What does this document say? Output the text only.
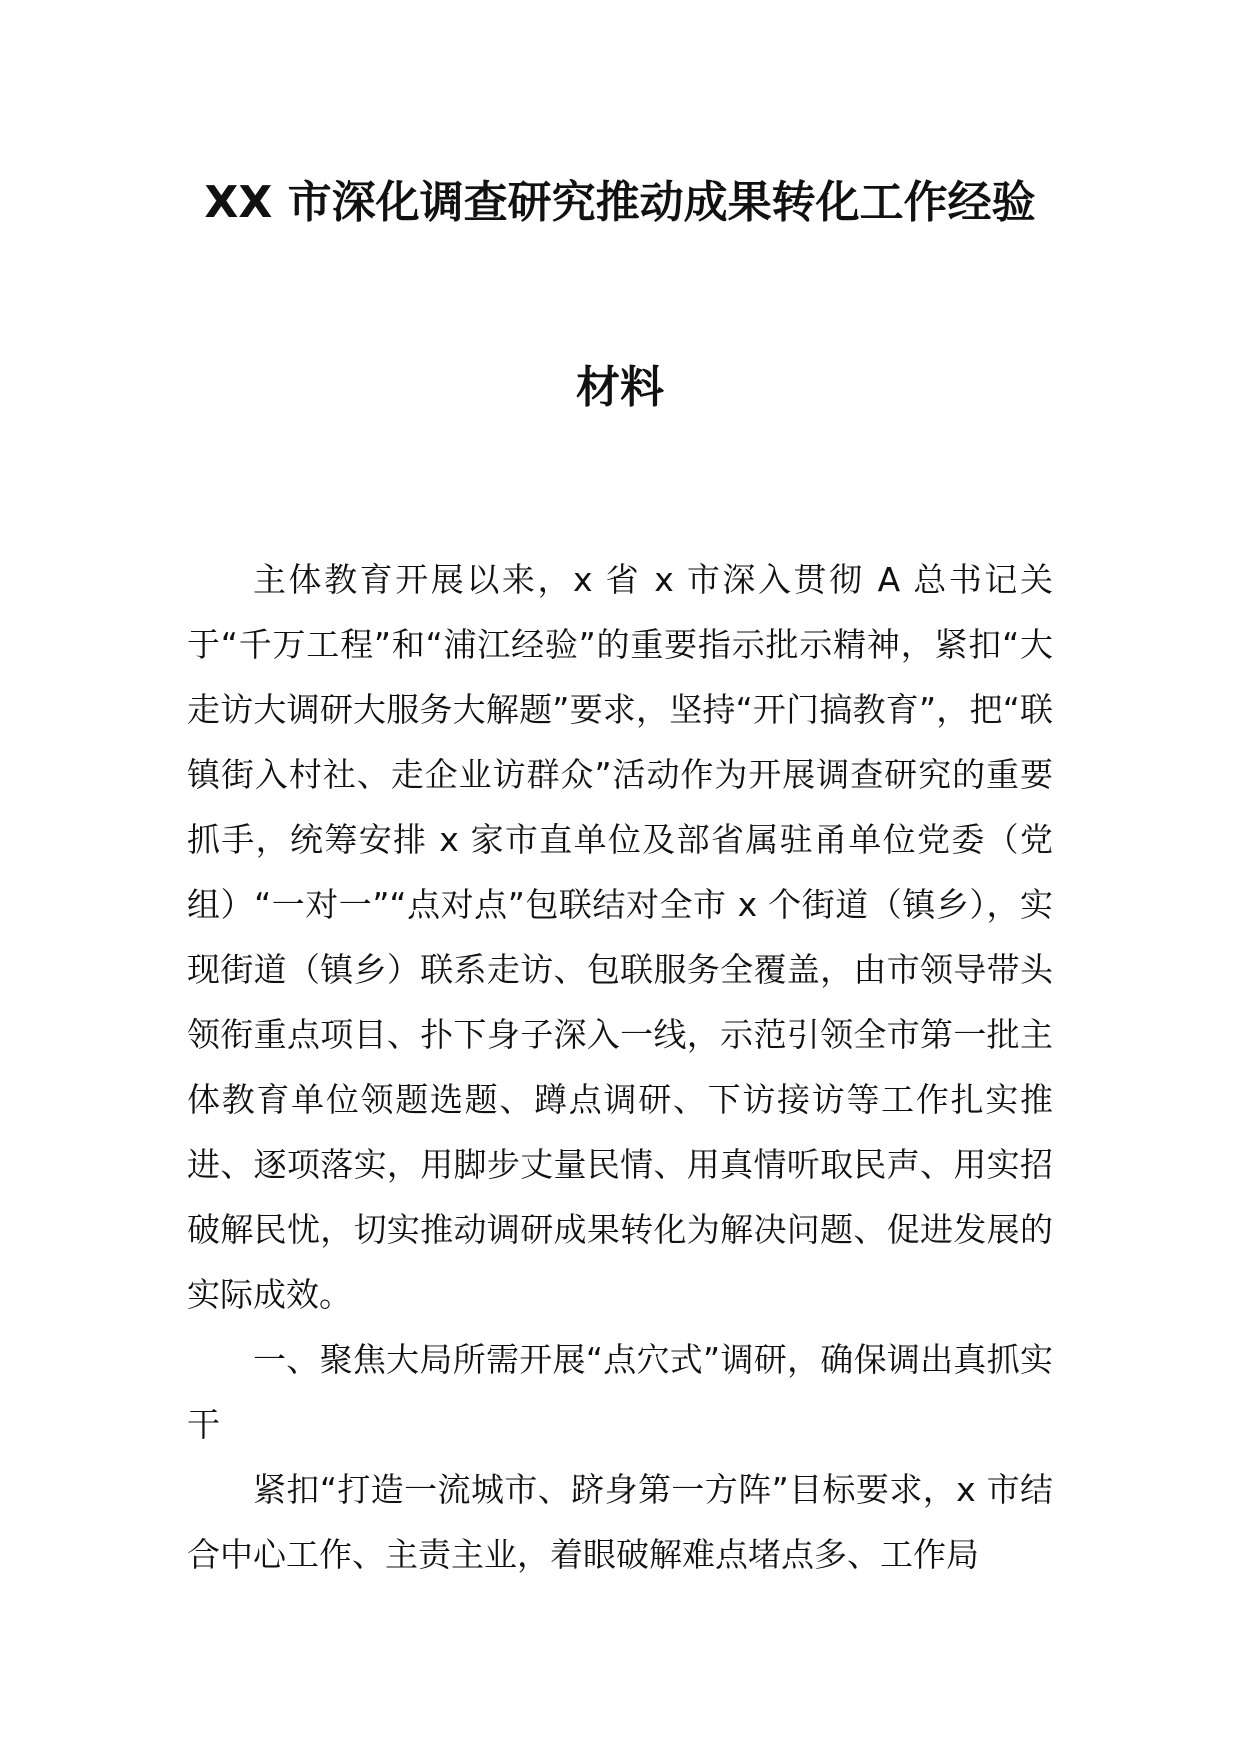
XX 市深化调查研究推动成果转化工作经验
材料

主体教育开展以来，x 省 x 市深入贯彻 A 总书记关于“千万工程”和“浦江经验”的重要指示批示精神，紧扣“大走访大调研大服务大解题”要求，坚持“开门搞教育”，把“联镇街入村社、走企业访群众”活动作为开展调查研究的重要抓手，统筹安排 x 家市直单位及部省属驻甬单位党委（党组）“一对一”“点对点”包联结对全市 x 个街道（镇乡），实现街道（镇乡）联系走访、包联服务全覆盖，由市领导带头领衔重点项目、扑下身子深入一线，示范引领全市第一批主体教育单位领题选题、蹲点调研、下访接访等工作扎实推进、逐项落实，用脚步丈量民情、用真情听取民声、用实招破解民忧，切实推动调研成果转化为解决问题、促进发展的实际成效。

一、聚焦大局所需开展“点穴式”调研，确保调出真抓实干

紧扣“打造一流城市、跻身第一方阵”目标要求，x 市结合中心工作、主责主业，着眼破解难点堵点多、工作局
